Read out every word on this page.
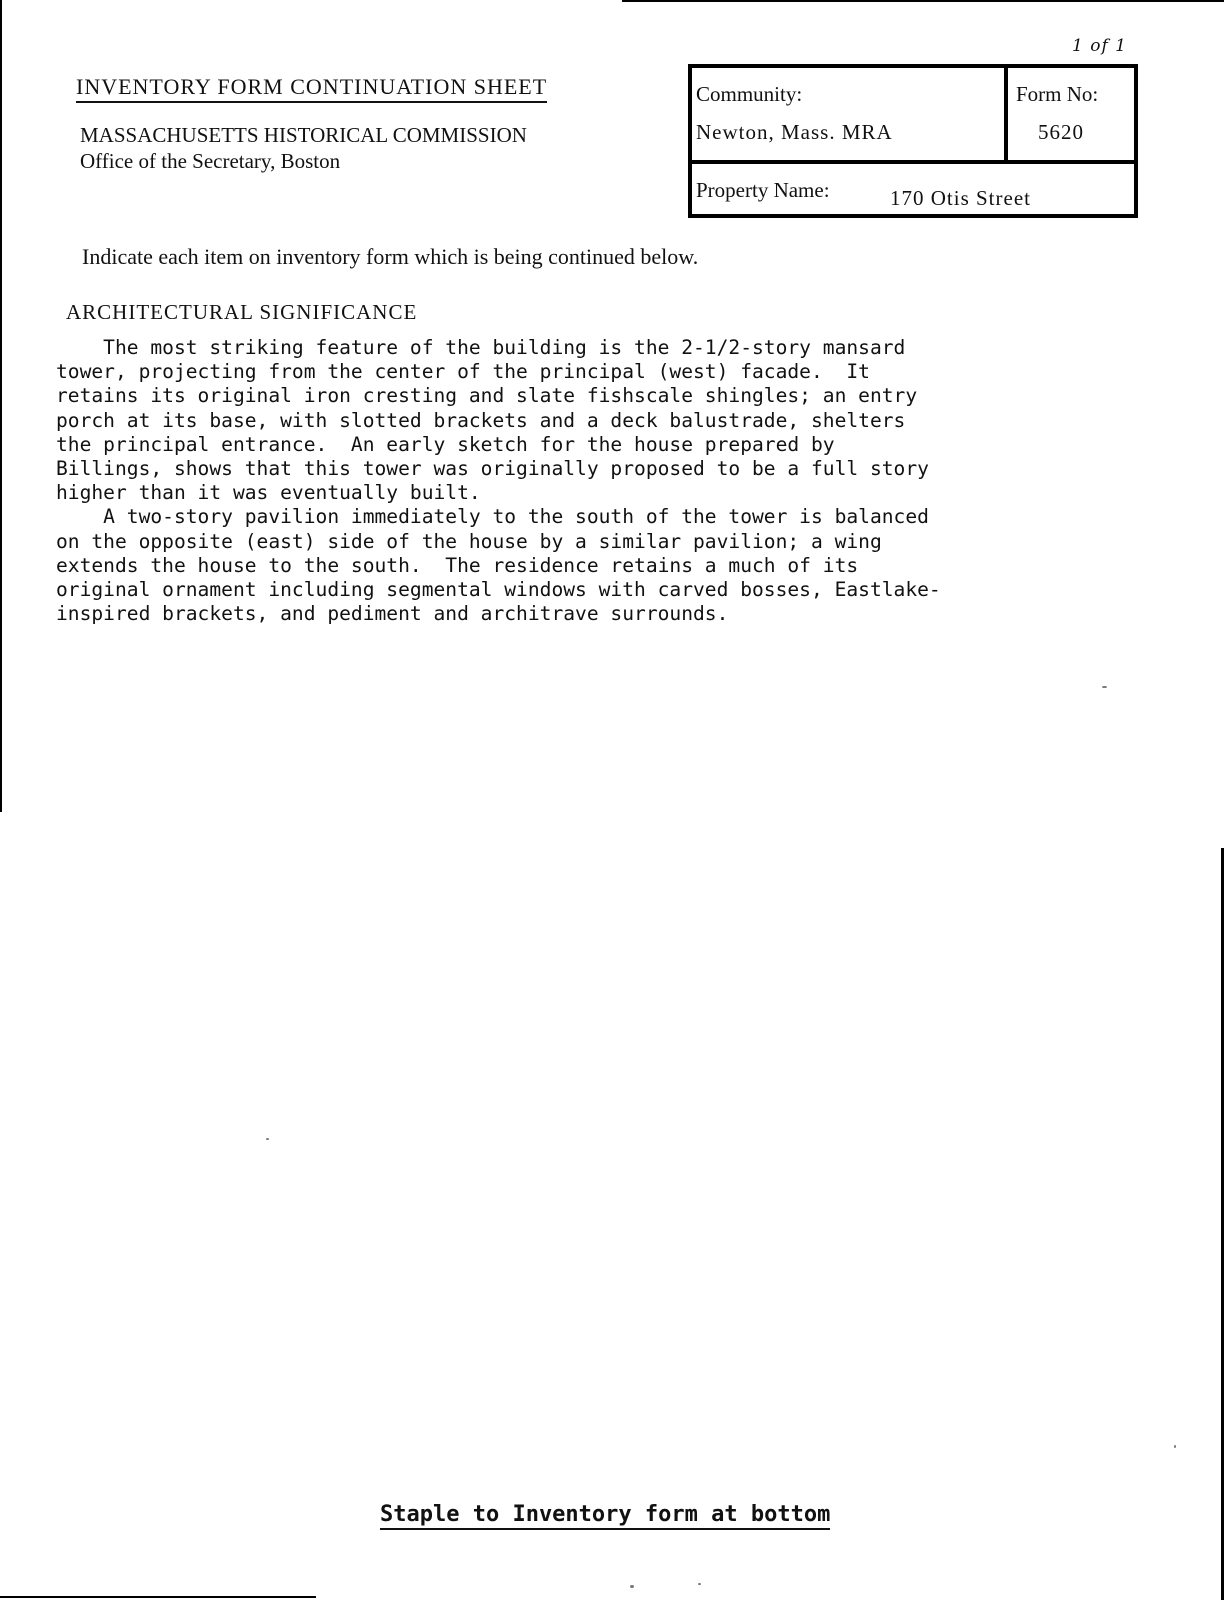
1 of 1
INVENTORY FORM CONTINUATION SHEET
MASSACHUSETTS HISTORICAL COMMISSION
Office of the Secretary, Boston
Community:
Newton, Mass. MRA
Form No:
5620
Property Name:	170 Otis Street
Indicate each item on inventory form which is being continued below.
ARCHITECTURAL SIGNIFICANCE
The most striking feature of the building is the 2-1/2-story mansard
tower, projecting from the center of the principal (west) facade.  It
retains its original iron cresting and slate fishscale shingles; an entry
porch at its base, with slotted brackets and a deck balustrade, shelters
the principal entrance.  An early sketch for the house prepared by
Billings, shows that this tower was originally proposed to be a full story
higher than it was eventually built.
A two-story pavilion immediately to the south of the tower is balanced
on the opposite (east) side of the house by a similar pavilion; a wing
extends the house to the south.  The residence retains a much of its
original ornament including segmental windows with carved bosses, Eastlake-
inspired brackets, and pediment and architrave surrounds.
Staple to Inventory form at bottom
